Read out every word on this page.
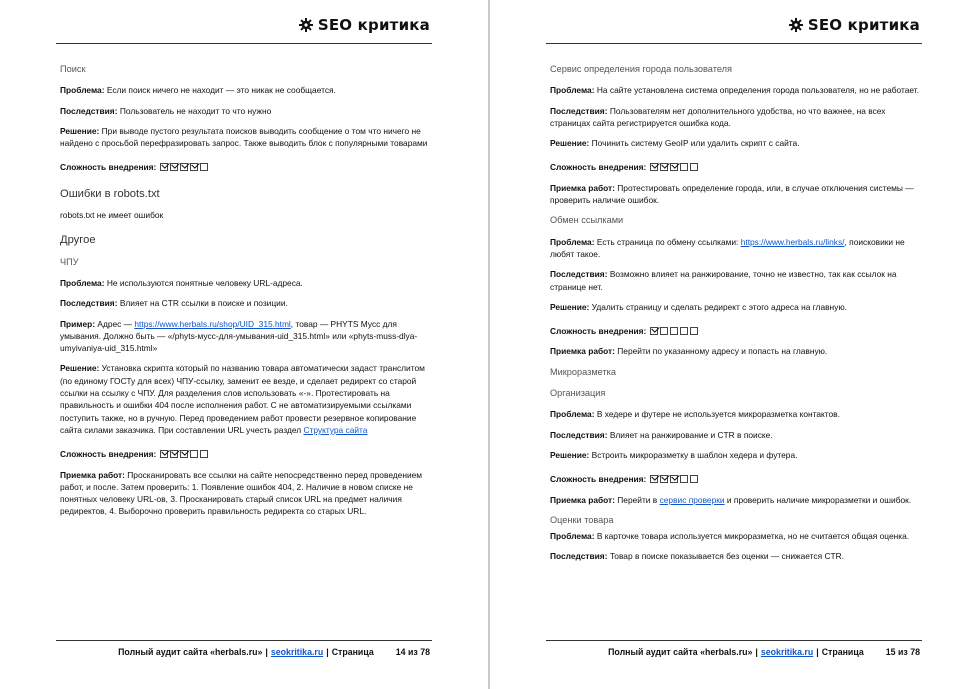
SEO критика
Поиск

Проблема: Если поиск ничего не находит — это никак не сообщается.

Последствия: Пользователь не находит то что нужно

Решение: При выводе пустого результата поисков выводить сообщение о том что ничего не найдено с просьбой перефразировать запрос. Также выводить блок с популярными товарами

Сложность внедрения:

Ошибки в robots.txt

robots.txt не имеет ошибок

Другое
ЧПУ

Проблема: Не используются понятные человеку URL-адреса.

Последствия: Влияет на CTR ссылки в поиске и позиции.

Пример: Адрес — https://www.herbals.ru/shop/UID_315.html, товар — PHYTS Мусс для умывания. Должно быть — «/phyts-мусс-для-умывания-uid_315.html» или «phyts-muss-dlya-umyivaniya-uid_315.html»

Решение: Установка скрипта который по названию товара автоматически задаст транслитом (по единому ГОСТу для всех) ЧПУ-ссылку, заменит ее везде, и сделает редирект со старой ссылки на ссылку с ЧПУ. Для разделения слов использовать «-». Протестировать на правильность и ошибки 404 после исполнения работ. С не автоматизируемыми ссылками поступить также, но в ручную. Перед проведением работ провести резервное копирование сайта силами заказчика. При составлении URL учесть раздел Структура сайта

Сложность внедрения:

Приемка работ: Просканировать все ссылки на сайте непосредственно перед проведением работ, и после. Затем проверить: 1. Появление ошибок 404, 2. Наличие в новом списке не понятных человеку URL-ов, 3. Просканировать старый список URL на предмет наличия редиректов, 4. Выборочно проверить правильность редиректа со старых URL.

Полный аудит сайта «herbals.ru» | seokritika.ru | Страница	14 из 78
SEO критика
Сервис определения города пользователя

Проблема: На сайте установлена система определения города пользователя, но не работает.

Последствия: Пользователям нет дополнительного удобства, но что важнее, на всех страницах сайта регистрируется ошибка кода.

Решение: Починить систему GeoIP или удалить скрипт с сайта.

Сложность внедрения:

Приемка работ: Протестировать определение города, или, в случае отключения системы — проверить наличие ошибок.

Обмен ссылками

Проблема: Есть страница по обмену ссылками: https://www.herbals.ru/links/, поисковики не любят такое.

Последствия: Возможно влияет на ранжирование, точно не известно, так как ссылок на странице нет.

Решение: Удалить страницу и сделать редирект с этого адреса на главную.

Сложность внедрения:

Приемка работ: Перейти по указанному адресу и попасть на главную.

Микроразметка
Организация

Проблема: В хедере и футере не используется микроразметка контактов.

Последствия: Влияет на ранжирование и CTR в поиске.

Решение: Встроить микроразметку в шаблон хедера и футера.

Сложность внедрения:

Приемка работ: Перейти в сервис проверки и проверить наличие микроразметки и ошибок.

Оценки товара

Проблема: В карточке товара используется микроразметка, но не считается общая оценка.

Последствия: Товар в поиске показывается без оценки — снижается CTR.

Полный аудит сайта «herbals.ru» | seokritika.ru | Страница	15 из 78
